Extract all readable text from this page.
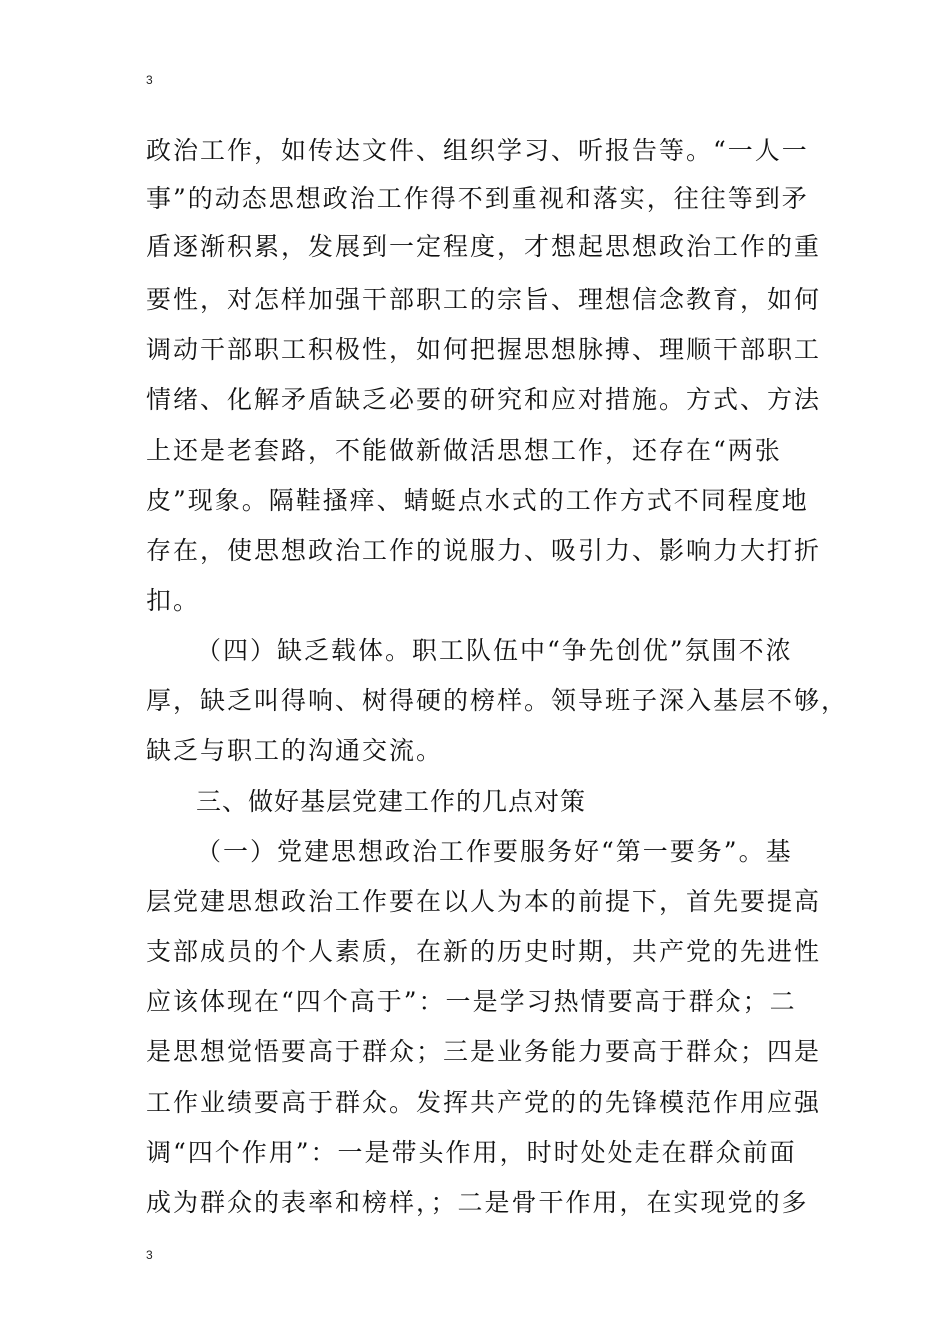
3
政治工作，如传达文件、组织学习、听报告等。“一人一
事”的动态思想政治工作得不到重视和落实，往往等到矛
盾逐渐积累，发展到一定程度，才想起思想政治工作的重
要性，对怎样加强干部职工的宗旨、理想信念教育，如何
调动干部职工积极性，如何把握思想脉搏、理顺干部职工
情绪、化解矛盾缺乏必要的研究和应对措施。方式、方法
上还是老套路，不能做新做活思想工作，还存在“两张
皮”现象。隔鞋搔痒、蜻蜓点水式的工作方式不同程度地
存在，使思想政治工作的说服力、吸引力、影响力大打折
扣。
（四）缺乏载体。职工队伍中“争先创优”氛围不浓
厚，缺乏叫得响、树得硬的榜样。领导班子深入基层不够，
缺乏与职工的沟通交流。
三、做好基层党建工作的几点对策
（一）党建思想政治工作要服务好“第一要务”。基
层党建思想政治工作要在以人为本的前提下，首先要提高
支部成员的个人素质，在新的历史时期，共产党的先进性
应该体现在“四个高于”：一是学习热情要高于群众；二
是思想觉悟要高于群众；三是业务能力要高于群众；四是
工作业绩要高于群众。发挥共产党的的先锋模范作用应强
调“四个作用”：一是带头作用，时时处处走在群众前面
成为群众的表率和榜样，；二是骨干作用，在实现党的多
3
